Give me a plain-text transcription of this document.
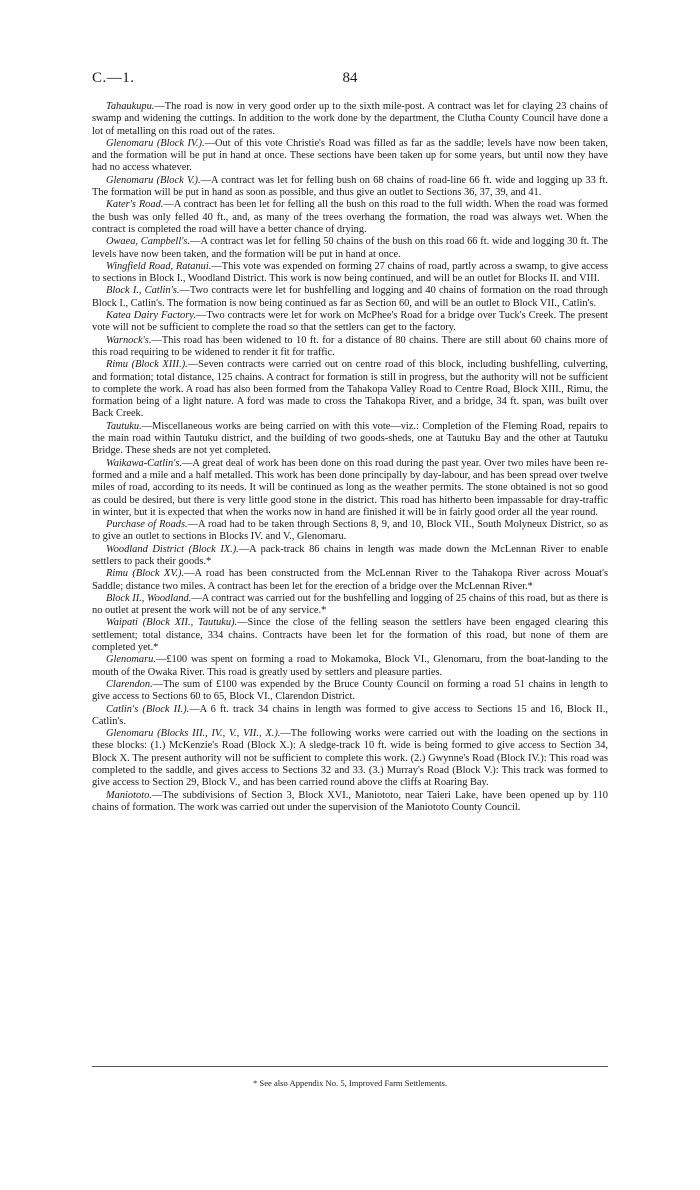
C.—1.	84

Tahaukupu.—The road is now in very good order up to the sixth mile-post. A contract was let for claying 23 chains of swamp and widening the cuttings. In addition to the work done by the department, the Clutha County Council have done a lot of metalling on this road out of the rates.

Glenomaru (Block IV.).—Out of this vote Christie's Road was filled as far as the saddle; levels have now been taken, and the formation will be put in hand at once. These sections have been taken up for some years, but until now they have had no access whatever.

Glenomaru (Block V.).—A contract was let for felling bush on 68 chains of road-line 66 ft. wide and logging up 33 ft. The formation will be put in hand as soon as possible, and thus give an outlet to Sections 36, 37, 39, and 41.

Kater's Road.—A contract has been let for felling all the bush on this road to the full width. When the road was formed the bush was only felled 40 ft., and, as many of the trees overhang the formation, the road was always wet. When the contract is completed the road will have a better chance of drying.

Owaea, Campbell's.—A contract was let for felling 50 chains of the bush on this road 66 ft. wide and logging 30 ft. The levels have now been taken, and the formation will be put in hand at once.

Wingfield Road, Ratanui.—This vote was expended on forming 27 chains of road, partly across a swamp, to give access to sections in Block I., Woodland District. This work is now being continued, and will be an outlet for Blocks II. and VIII.

Block I., Catlin's.—Two contracts were let for bushfelling and logging and 40 chains of formation on the road through Block I., Catlin's. The formation is now being continued as far as Section 60, and will be an outlet to Block VII., Catlin's.

Katea Dairy Factory.—Two contracts were let for work on McPhee's Road for a bridge over Tuck's Creek. The present vote will not be sufficient to complete the road so that the settlers can get to the factory.

Warnock's.—This road has been widened to 10 ft. for a distance of 80 chains. There are still about 60 chains more of this road requiring to be widened to render it fit for traffic.

Rimu (Block XIII.).—Seven contracts were carried out on centre road of this block, including bushfelling, culverting, and formation; total distance, 125 chains. A contract for formation is still in progress, but the authority will not be sufficient to complete the work. A road has also been formed from the Tahakopa Valley Road to Centre Road, Block XIII., Rimu, the formation being of a light nature. A ford was made to cross the Tahakopa River, and a bridge, 34 ft. span, was built over Back Creek.

Tautuku.—Miscellaneous works are being carried on with this vote—viz.: Completion of the Fleming Road, repairs to the main road within Tautuku district, and the building of two goods-sheds, one at Tautuku Bay and the other at Tautuku Bridge. These sheds are not yet completed.

Waikawa-Catlin's.—A great deal of work has been done on this road during the past year. Over two miles have been re-formed and a mile and a half metalled. This work has been done principally by day-labour, and has been spread over twelve miles of road, according to its needs. It will be continued as long as the weather permits. The stone obtained is not so good as could be desired, but there is very little good stone in the district. This road has hitherto been impassable for dray-traffic in winter, but it is expected that when the works now in hand are finished it will be in fairly good order all the year round.

Purchase of Roads.—A road had to be taken through Sections 8, 9, and 10, Block VII., South Molyneux District, so as to give an outlet to sections in Blocks IV. and V., Glenomaru.

Woodland District (Block IX.).—A pack-track 86 chains in length was made down the McLennan River to enable settlers to pack their goods.*

Rimu (Block XV.).—A road has been constructed from the McLennan River to the Tahakopa River across Mouat's Saddle; distance two miles. A contract has been let for the erection of a bridge over the McLennan River.*

Block II., Woodland.—A contract was carried out for the bushfelling and logging of 25 chains of this road, but as there is no outlet at present the work will not be of any service.*

Waipati (Block XII., Tautuku).—Since the close of the felling season the settlers have been engaged clearing this settlement; total distance, 334 chains. Contracts have been let for the formation of this road, but none of them are completed yet.*

Glenomaru.—£100 was spent on forming a road to Mokamoka, Block VI., Glenomaru, from the boat-landing to the mouth of the Owaka River. This road is greatly used by settlers and pleasure parties.

Clarendon.—The sum of £100 was expended by the Bruce County Council on forming a road 51 chains in length to give access to Sections 60 to 65, Block VI., Clarendon District.

Catlin's (Block II.).—A 6 ft. track 34 chains in length was formed to give access to Sections 15 and 16, Block II., Catlin's.

Glenomaru (Blocks III., IV., V., VII., X.).—The following works were carried out with the loading on the sections in these blocks: (1.) McKenzie's Road (Block X.): A sledge-track 10 ft. wide is being formed to give access to Section 34, Block X. The present authority will not be sufficient to complete this work. (2.) Gwynne's Road (Block IV.): This road was completed to the saddle, and gives access to Sections 32 and 33. (3.) Murray's Road (Block V.): This track was formed to give access to Section 29, Block V., and has been carried round above the cliffs at Roaring Bay.

Maniototo.—The subdivisions of Section 3, Block XVI., Maniototo, near Taieri Lake, have been opened up by 110 chains of formation. The work was carried out under the supervision of the Maniototo County Council.

* See also Appendix No. 5, Improved Farm Settlements.
